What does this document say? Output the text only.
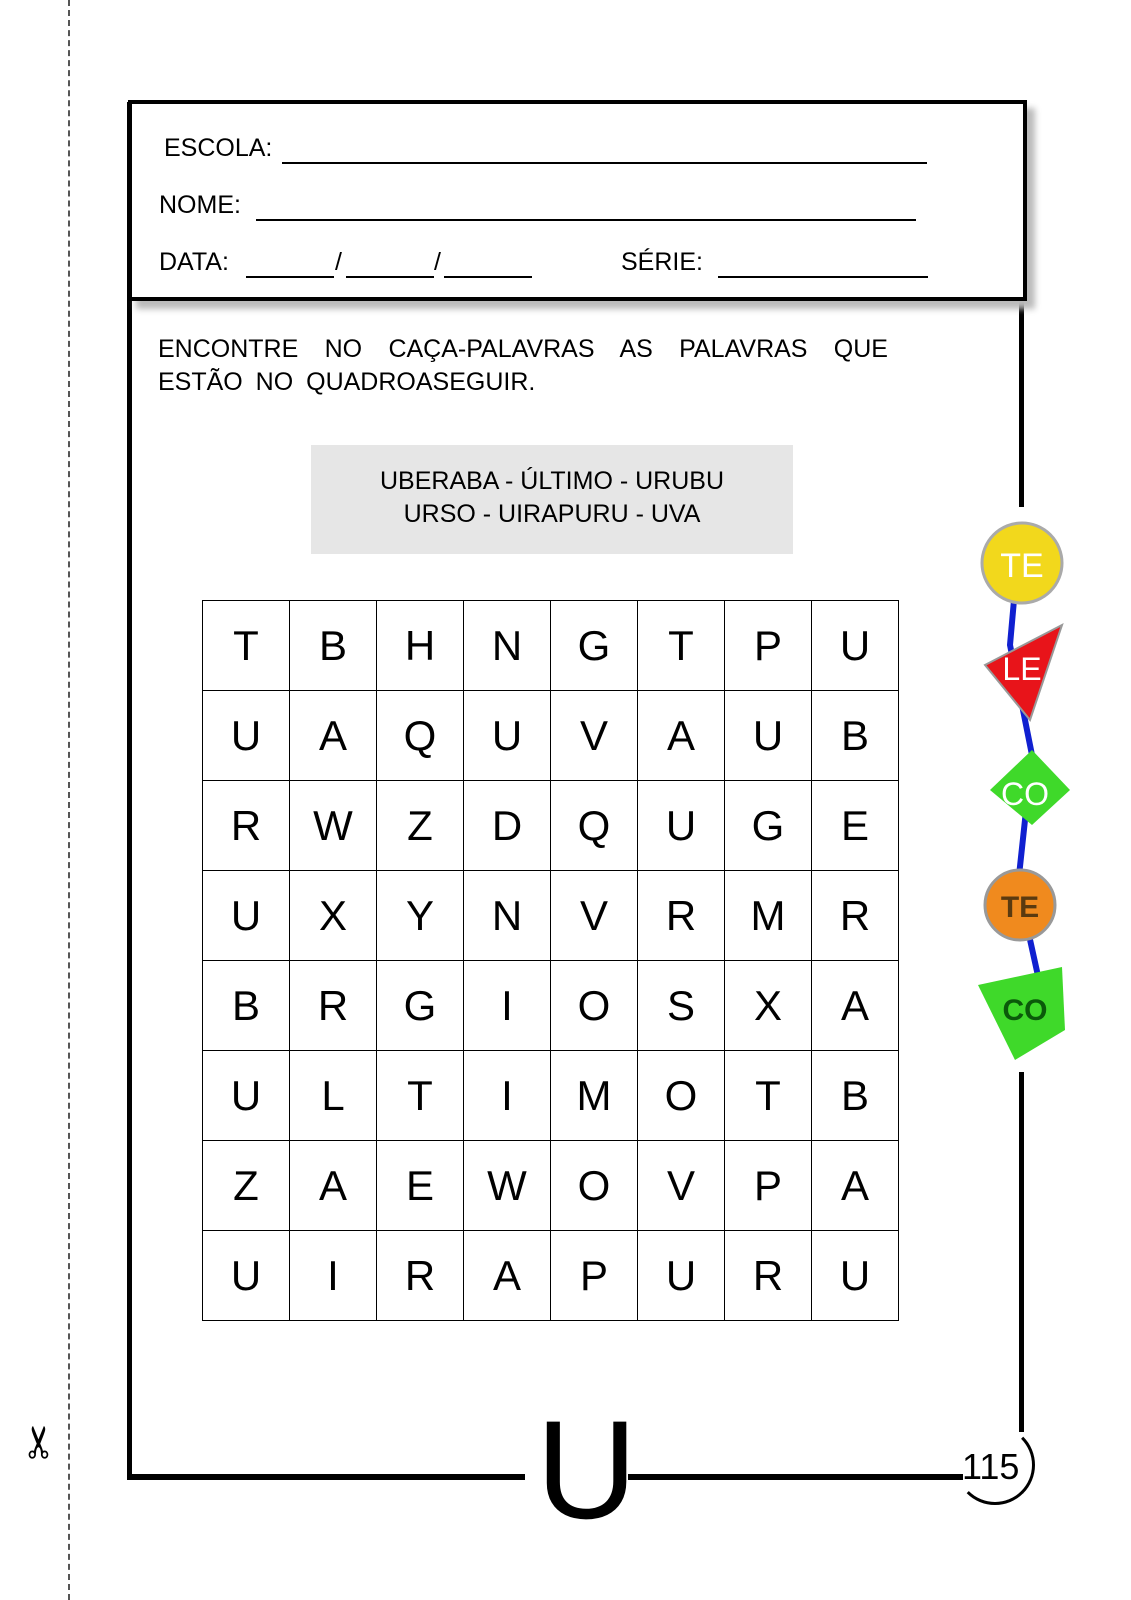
✂
ESCOLA:
NOME:
DATA:	/	/	SÉRIE:
ENCONTRE NO CAÇA-PALAVRAS AS PALAVRAS QUE ESTÃO NO QUADROASEGUIR.
UBERABA - ÚLTIMO - URUBU
URSO - UIRAPURU - UVA
T	B	H	N	G	T	P	U
U	A	Q	U	V	A	U	B
R	W	Z	D	Q	U	G	E
U	X	Y	N	V	R	M	R
B	R	G	I	O	S	X	A
U	L	T	I	M	O	T	B
Z	A	E	W	O	V	P	A
U	I	R	A	P	U	R	U
U	115
TE
LE
CO
TE
CO
